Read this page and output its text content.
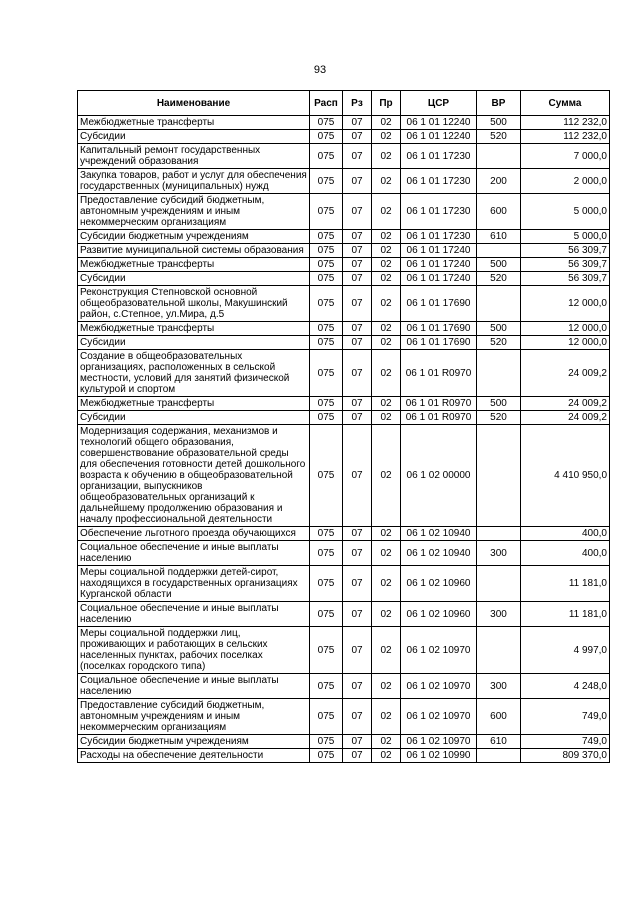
93
Наименование	Расп	Рз	Пр	ЦСР	ВР	Сумма
Межбюджетные трансферты	075	07	02	06 1 01 12240	500	112 232,0
Субсидии	075	07	02	06 1 01 12240	520	112 232,0
Капитальный ремонт государственных учреждений образования	075	07	02	06 1 01 17230		7 000,0
Закупка товаров, работ и услуг для обеспечения государственных (муниципальных) нужд	075	07	02	06 1 01 17230	200	2 000,0
Предоставление субсидий бюджетным, автономным учреждениям и иным некоммерческим организациям	075	07	02	06 1 01 17230	600	5 000,0
Субсидии бюджетным учреждениям	075	07	02	06 1 01 17230	610	5 000,0
Развитие муниципальной системы образования	075	07	02	06 1 01 17240		56 309,7
Межбюджетные трансферты	075	07	02	06 1 01 17240	500	56 309,7
Субсидии	075	07	02	06 1 01 17240	520	56 309,7
Реконструкция Степновской основной общеобразовательной школы, Макушинский район, с.Степное, ул.Мира, д.5	075	07	02	06 1 01 17690		12 000,0
Межбюджетные трансферты	075	07	02	06 1 01 17690	500	12 000,0
Субсидии	075	07	02	06 1 01 17690	520	12 000,0
Создание в общеобразовательных организациях, расположенных в сельской местности, условий для занятий физической культурой и спортом	075	07	02	06 1 01 R0970		24 009,2
Межбюджетные трансферты	075	07	02	06 1 01 R0970	500	24 009,2
Субсидии	075	07	02	06 1 01 R0970	520	24 009,2
Модернизация содержания, механизмов и технологий общего образования, совершенствование образовательной среды для обеспечения готовности детей дошкольного возраста к обучению в общеобразовательной организации, выпускников общеобразовательных организаций к дальнейшему продолжению образования и началу профессиональной деятельности	075	07	02	06 1 02 00000		4 410 950,0
Обеспечение льготного проезда обучающихся	075	07	02	06 1 02 10940		400,0
Социальное обеспечение и иные выплаты населению	075	07	02	06 1 02 10940	300	400,0
Меры социальной поддержки детей-сирот, находящихся в государственных организациях Курганской области	075	07	02	06 1 02 10960		11 181,0
Социальное обеспечение и иные выплаты населению	075	07	02	06 1 02 10960	300	11 181,0
Меры социальной поддержки лиц, проживающих и работающих в сельских населенных пунктах, рабочих поселках (поселках городского типа)	075	07	02	06 1 02 10970		4 997,0
Социальное обеспечение и иные выплаты населению	075	07	02	06 1 02 10970	300	4 248,0
Предоставление субсидий бюджетным, автономным учреждениям и иным некоммерческим организациям	075	07	02	06 1 02 10970	600	749,0
Субсидии бюджетным учреждениям	075	07	02	06 1 02 10970	610	749,0
Расходы на обеспечение деятельности	075	07	02	06 1 02 10990		809 370,0
